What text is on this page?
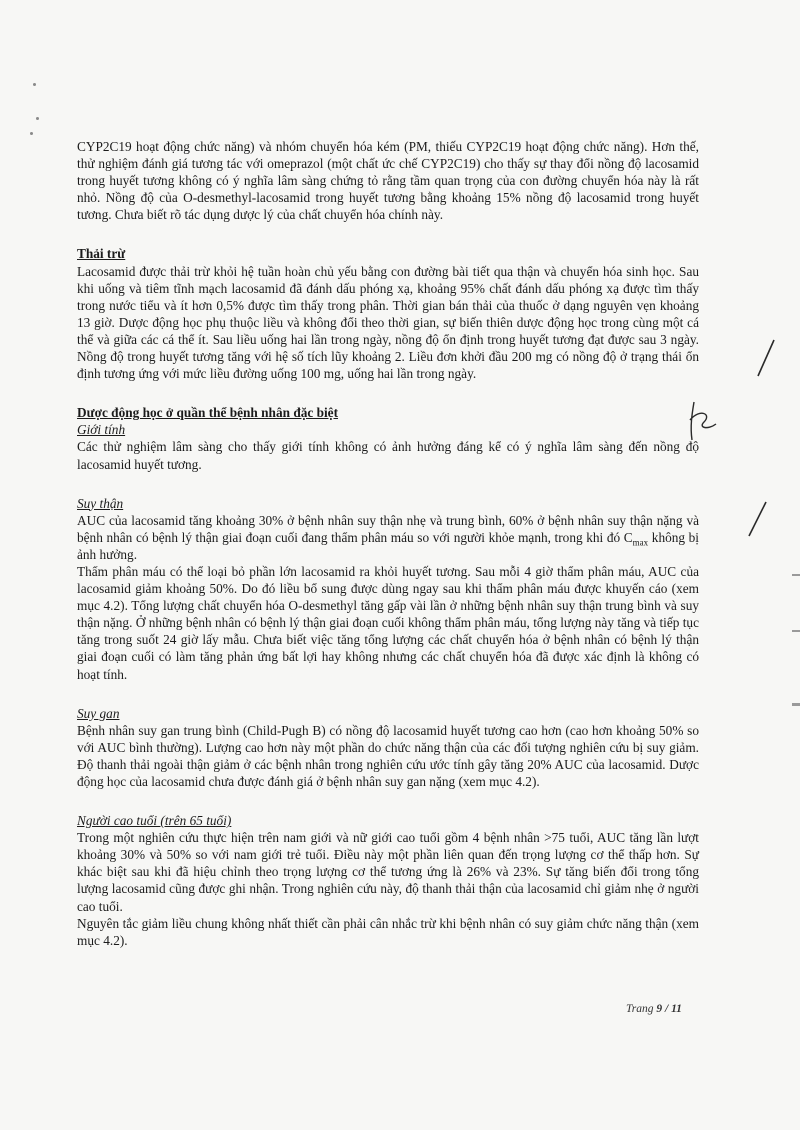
CYP2C19 hoạt động chức năng) và nhóm chuyển hóa kém (PM, thiếu CYP2C19 hoạt động chức năng). Hơn thế, thử nghiệm đánh giá tương tác với omeprazol (một chất ức chế CYP2C19) cho thấy sự thay đổi nồng độ lacosamid trong huyết tương không có ý nghĩa lâm sàng chứng tỏ rằng tầm quan trọng của con đường chuyển hóa này là rất nhỏ. Nồng độ của O-desmethyl-lacosamid trong huyết tương bằng khoảng 15% nồng độ lacosamid trong huyết tương. Chưa biết rõ tác dụng dược lý của chất chuyển hóa chính này.

Thải trừ

Lacosamid được thải trừ khỏi hệ tuần hoàn chủ yếu bằng con đường bài tiết qua thận và chuyển hóa sinh học. Sau khi uống và tiêm tĩnh mạch lacosamid đã đánh dấu phóng xạ, khoảng 95% chất đánh dấu phóng xạ được tìm thấy trong nước tiểu và ít hơn 0,5% được tìm thấy trong phân. Thời gian bán thải của thuốc ở dạng nguyên vẹn khoảng 13 giờ. Dược động học phụ thuộc liều và không đổi theo thời gian, sự biến thiên dược động học trong cùng một cá thể và giữa các cá thể ít. Sau liều uống hai lần trong ngày, nồng độ ổn định trong huyết tương đạt được sau 3 ngày. Nồng độ trong huyết tương tăng với hệ số tích lũy khoảng 2. Liều đơn khởi đầu 200 mg có nồng độ ở trạng thái ổn định tương ứng với mức liều đường uống 100 mg, uống hai lần trong ngày.

Dược động học ở quần thể bệnh nhân đặc biệt

Giới tính

Các thử nghiệm lâm sàng cho thấy giới tính không có ảnh hưởng đáng kể có ý nghĩa lâm sàng đến nồng độ lacosamid huyết tương.

Suy thận

AUC của lacosamid tăng khoảng 30% ở bệnh nhân suy thận nhẹ và trung bình, 60% ở bệnh nhân suy thận nặng và bệnh nhân có bệnh lý thận giai đoạn cuối đang thẩm phân máu so với người khỏe mạnh, trong khi đó $C_{max}$ không bị ảnh hưởng.

Thẩm phân máu có thể loại bỏ phần lớn lacosamid ra khỏi huyết tương. Sau mỗi 4 giờ thẩm phân máu, AUC của lacosamid giảm khoảng 50%. Do đó liều bổ sung được dùng ngay sau khi thẩm phân máu được khuyến cáo (xem mục 4.2). Tổng lượng chất chuyển hóa O-desmethyl tăng gấp vài lần ở những bệnh nhân suy thận trung bình và suy thận nặng. Ở những bệnh nhân có bệnh lý thận giai đoạn cuối không thẩm phân máu, tổng lượng này tăng và tiếp tục tăng trong suốt 24 giờ lấy mẫu. Chưa biết việc tăng tổng lượng các chất chuyển hóa ở bệnh nhân có bệnh lý thận giai đoạn cuối có làm tăng phản ứng bất lợi hay không nhưng các chất chuyển hóa đã được xác định là không có hoạt tính.

Suy gan

Bệnh nhân suy gan trung bình (Child-Pugh B) có nồng độ lacosamid huyết tương cao hơn (cao hơn khoảng 50% so với AUC bình thường). Lượng cao hơn này một phần do chức năng thận của các đối tượng nghiên cứu bị suy giảm. Độ thanh thải ngoài thận giảm ở các bệnh nhân trong nghiên cứu ước tính gây tăng 20% AUC của lacosamid. Dược động học của lacosamid chưa được đánh giá ở bệnh nhân suy gan nặng (xem mục 4.2).

Người cao tuổi (trên 65 tuổi)

Trong một nghiên cứu thực hiện trên nam giới và nữ giới cao tuổi gồm 4 bệnh nhân >75 tuổi, AUC tăng lần lượt khoảng 30% và 50% so với nam giới trẻ tuổi. Điều này một phần liên quan đến trọng lượng cơ thể thấp hơn. Sự khác biệt sau khi đã hiệu chỉnh theo trọng lượng cơ thể tương ứng là 26% và 23%. Sự tăng biến đổi trong tổng lượng lacosamid cũng được ghi nhận. Trong nghiên cứu này, độ thanh thải thận của lacosamid chỉ giảm nhẹ ở người cao tuổi.

Nguyên tắc giảm liều chung không nhất thiết cần phải cân nhắc trừ khi bệnh nhân có suy giảm chức năng thận (xem mục 4.2).

Trang 9 / 11
